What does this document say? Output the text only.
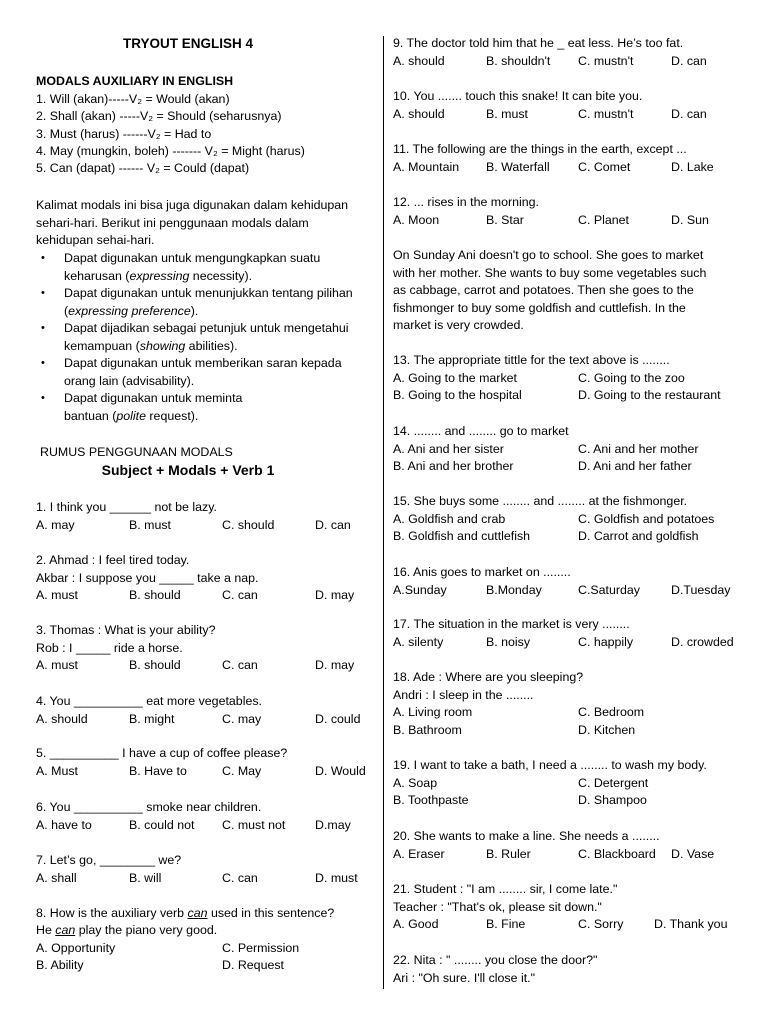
TRYOUT ENGLISH 4
MODALS AUXILIARY IN ENGLISH
1. Will (akan)-----V₂ = Would (akan)
2. Shall (akan) -----V₂ = Should (seharusnya)
3. Must (harus) ------V₂ = Had to
4. May (mungkin, boleh) ------- V₂ = Might (harus)
5. Can (dapat) ------ V₂ = Could (dapat)
Kalimat modals ini bisa juga digunakan dalam kehidupan
sehari-hari. Berikut ini penggunaan modals dalam
kehidupan sehai-hari.
• Dapat digunakan untuk mengungkapkan suatu
keharusan (expressing necessity).
• Dapat digunakan untuk menunjukkan tentang pilihan
(expressing preference).
• Dapat dijadikan sebagai petunjuk untuk mengetahui
kemampuan (showing abilities).
• Dapat digunakan untuk memberikan saran kepada
orang lain (advisability).
• Dapat digunakan untuk meminta
bantuan (polite request).
RUMUS PENGGUNAAN MODALS
Subject + Modals + Verb 1
1. I think you ______ not be lazy.
A. may	B. must	C. should	D. can
2. Ahmad : I feel tired today.
Akbar : I suppose you _____ take a nap.
A. must	B. should	C. can	D. may
3. Thomas : What is your ability?
Rob : I _____ ride a horse.
A. must	B. should	C. can	D. may
4. You __________ eat more vegetables.
A. should	B. might	C. may	D. could
5. __________ I have a cup of coffee please?
A. Must	B. Have to	C. May	D. Would
6. You __________ smoke near children.
A. have to	B. could not C. must not D.may
7. Let’s go, ________ we?
A. shall	B. will	C. can	D. must
8. How is the auxiliary verb can used in this sentence?
He can play the piano very good.
A. Opportunity	C. Permission
B. Ability	D. Request
9. The doctor told him that he _ eat less. He’s too fat.
A. should	B. shouldn't C. mustn't	D. can
10. You ....... touch this snake! It can bite you.
A. should	B. must	C. mustn't	D. can
11. The following are the things in the earth, except ...
A. Mountain B. Waterfall C. Comet	D. Lake
12. ... rises in the morning.
A. Moon	B. Star	C. Planet	D. Sun
On Sunday Ani doesn't go to school. She goes to market
with her mother. She wants to buy some vegetables such
as cabbage, carrot and potatoes. Then she goes to the
fishmonger to buy some goldfish and cuttlefish. In the
market is very crowded.
13. The appropriate tittle for the text above is ........
A. Going to the market	C. Going to the zoo
B. Going to the hospital	D. Going to the restaurant
14. ........ and ........ go to market
A. Ani and her sister	C. Ani and her mother
B. Ani and her brother	D. Ani and her father
15. She buys some ........ and ........ at the fishmonger.
A. Goldfish and crab	C. Goldfish and potatoes
B. Goldfish and cuttlefish	D. Carrot and goldfish
16. Anis goes to market on ........
A.Sunday	B.Monday	C.Saturday	D.Tuesday
17. The situation in the market is very ........
A. silenty	B. noisy	C. happily	D. crowded
18. Ade : Where are you sleeping?
Andri : I sleep in the ........
A. Living room	C. Bedroom
B. Bathroom	D. Kitchen
19. I want to take a bath, I need a ........ to wash my body.
A. Soap	C. Detergent
B. Toothpaste	D. Shampoo
20. She wants to make a line. She needs a ........
A. Eraser	B. Ruler	C. Blackboard D. Vase
21. Student : "I am ........ sir, I come late."
Teacher : "That's ok, please sit down."
A. Good	B. Fine	C. Sorry D. Thank you
22. Nita : " ........ you close the door?"
Ari : "Oh sure. I'll close it."
